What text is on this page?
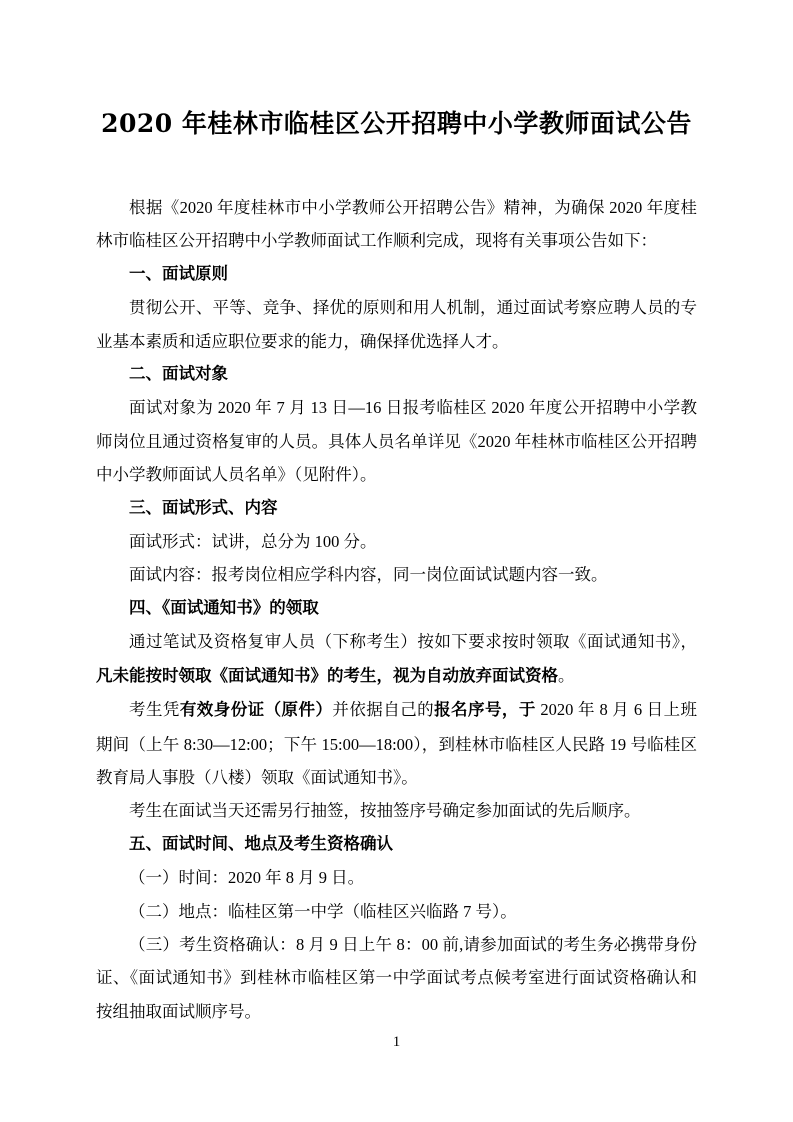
2020 年桂林市临桂区公开招聘中小学教师面试公告

根据《2020 年度桂林市中小学教师公开招聘公告》精神，为确保 2020 年度桂林市临桂区公开招聘中小学教师面试工作顺利完成，现将有关事项公告如下：

一、面试原则

贯彻公开、平等、竞争、择优的原则和用人机制，通过面试考察应聘人员的专业基本素质和适应职位要求的能力，确保择优选择人才。

二、面试对象

面试对象为 2020 年 7 月 13 日—16 日报考临桂区 2020 年度公开招聘中小学教师岗位且通过资格复审的人员。具体人员名单详见《2020 年桂林市临桂区公开招聘中小学教师面试人员名单》（见附件）。

三、面试形式、内容

面试形式：试讲，总分为 100 分。

面试内容：报考岗位相应学科内容，同一岗位面试试题内容一致。

四、《面试通知书》的领取

通过笔试及资格复审人员（下称考生）按如下要求按时领取《面试通知书》，凡未能按时领取《面试通知书》的考生，视为自动放弃面试资格。

考生凭有效身份证（原件）并依据自己的报名序号，于 2020 年 8 月 6 日上班期间（上午 8:30—12:00；下午 15:00—18:00），到桂林市临桂区人民路 19 号临桂区教育局人事股（八楼）领取《面试通知书》。

考生在面试当天还需另行抽签，按抽签序号确定参加面试的先后顺序。

五、面试时间、地点及考生资格确认

（一）时间：2020 年 8 月 9 日。

（二）地点：临桂区第一中学（临桂区兴临路 7 号）。

（三）考生资格确认：8 月 9 日上午 8：00 前,请参加面试的考生务必携带身份证、《面试通知书》到桂林市临桂区第一中学面试考点候考室进行面试资格确认和按组抽取面试顺序号。

1
